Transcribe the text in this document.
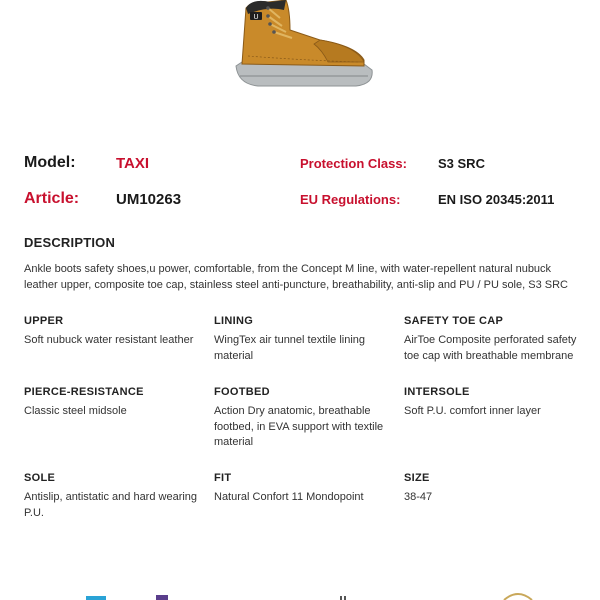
U
Model:	TAXI	Protection Class: S3 SRC
Article: UM10263	EU Regulations:	EN ISO 20345:2011
DESCRIPTION
Ankle boots safety shoes,u power, comfortable, from the Concept M line, with water-repellent natural nubuck leather upper, composite toe cap, stainless steel anti-puncture, breathability, anti-slip and PU / PU sole, S3 SRC
UPPER
Soft nubuck water resistant leather
LINING
WingTex air tunnel textile lining material
SAFETY TOE CAP
AirToe Composite perforated safety toe cap with breathable membrane
PIERCE-RESISTANCE
Classic steel midsole
FOOTBED
Action Dry anatomic, breathable footbed, in EVA support with textile material
INTERSOLE
Soft P.U. comfort inner layer
SOLE
Antislip, antistatic and hard wearing P.U.
FIT
Natural Confort 11 Mondopoint
SIZE
38-47
